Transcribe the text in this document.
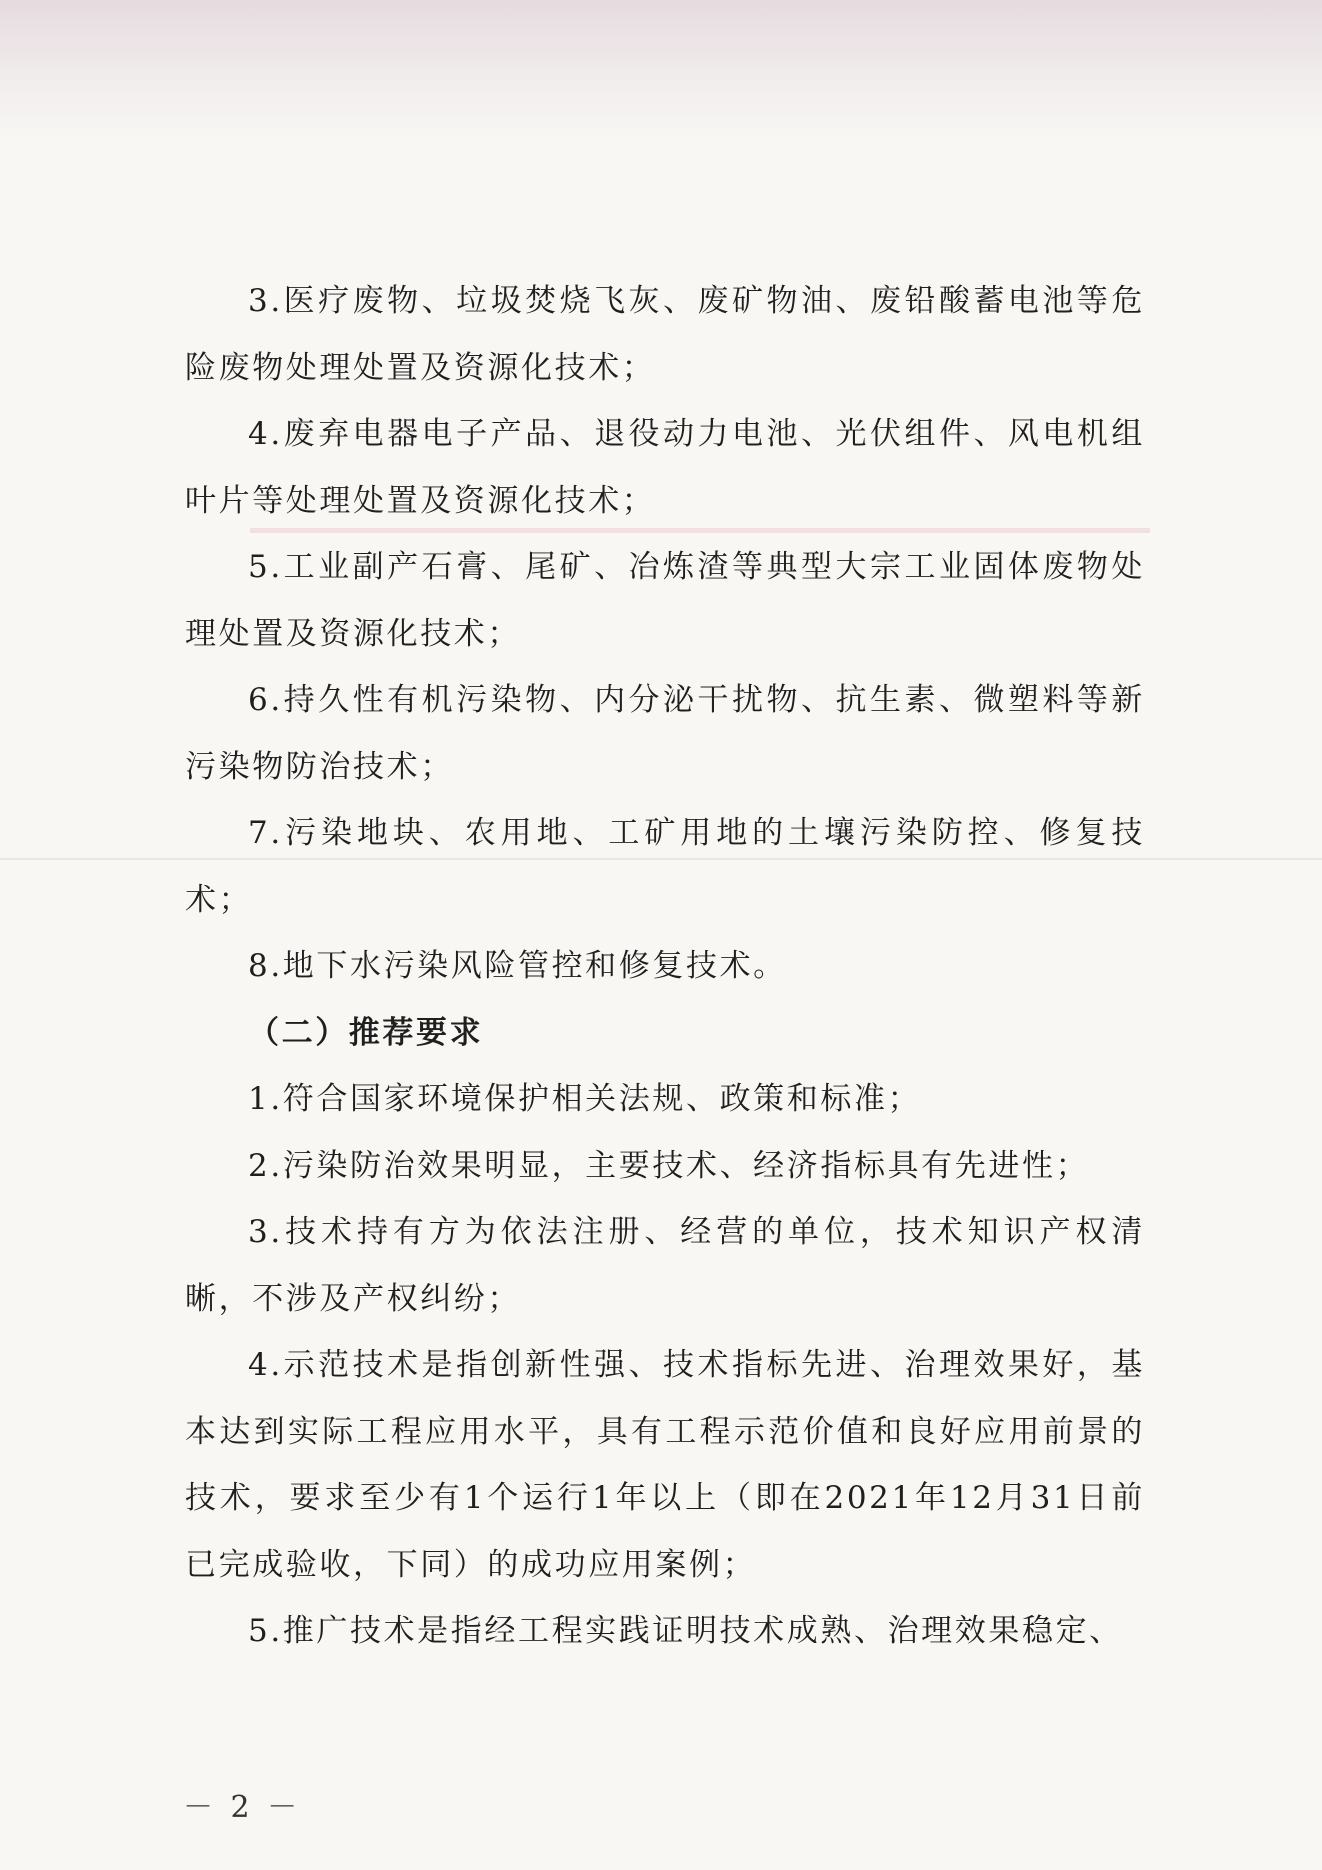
3.医疗废物、垃圾焚烧飞灰、废矿物油、废铅酸蓄电池等危险废物处理处置及资源化技术；

4.废弃电器电子产品、退役动力电池、光伏组件、风电机组叶片等处理处置及资源化技术；

5.工业副产石膏、尾矿、冶炼渣等典型大宗工业固体废物处理处置及资源化技术；

6.持久性有机污染物、内分泌干扰物、抗生素、微塑料等新污染物防治技术；

7.污染地块、农用地、工矿用地的土壤污染防控、修复技术；

8.地下水污染风险管控和修复技术。

（二）推荐要求

1.符合国家环境保护相关法规、政策和标准；

2.污染防治效果明显，主要技术、经济指标具有先进性；

3.技术持有方为依法注册、经营的单位，技术知识产权清晰，不涉及产权纠纷；

4.示范技术是指创新性强、技术指标先进、治理效果好，基本达到实际工程应用水平，具有工程示范价值和良好应用前景的技术，要求至少有1个运行1年以上（即在2021年12月31日前已完成验收，下同）的成功应用案例；

5.推广技术是指经工程实践证明技术成熟、治理效果稳定、

－ 2 －
